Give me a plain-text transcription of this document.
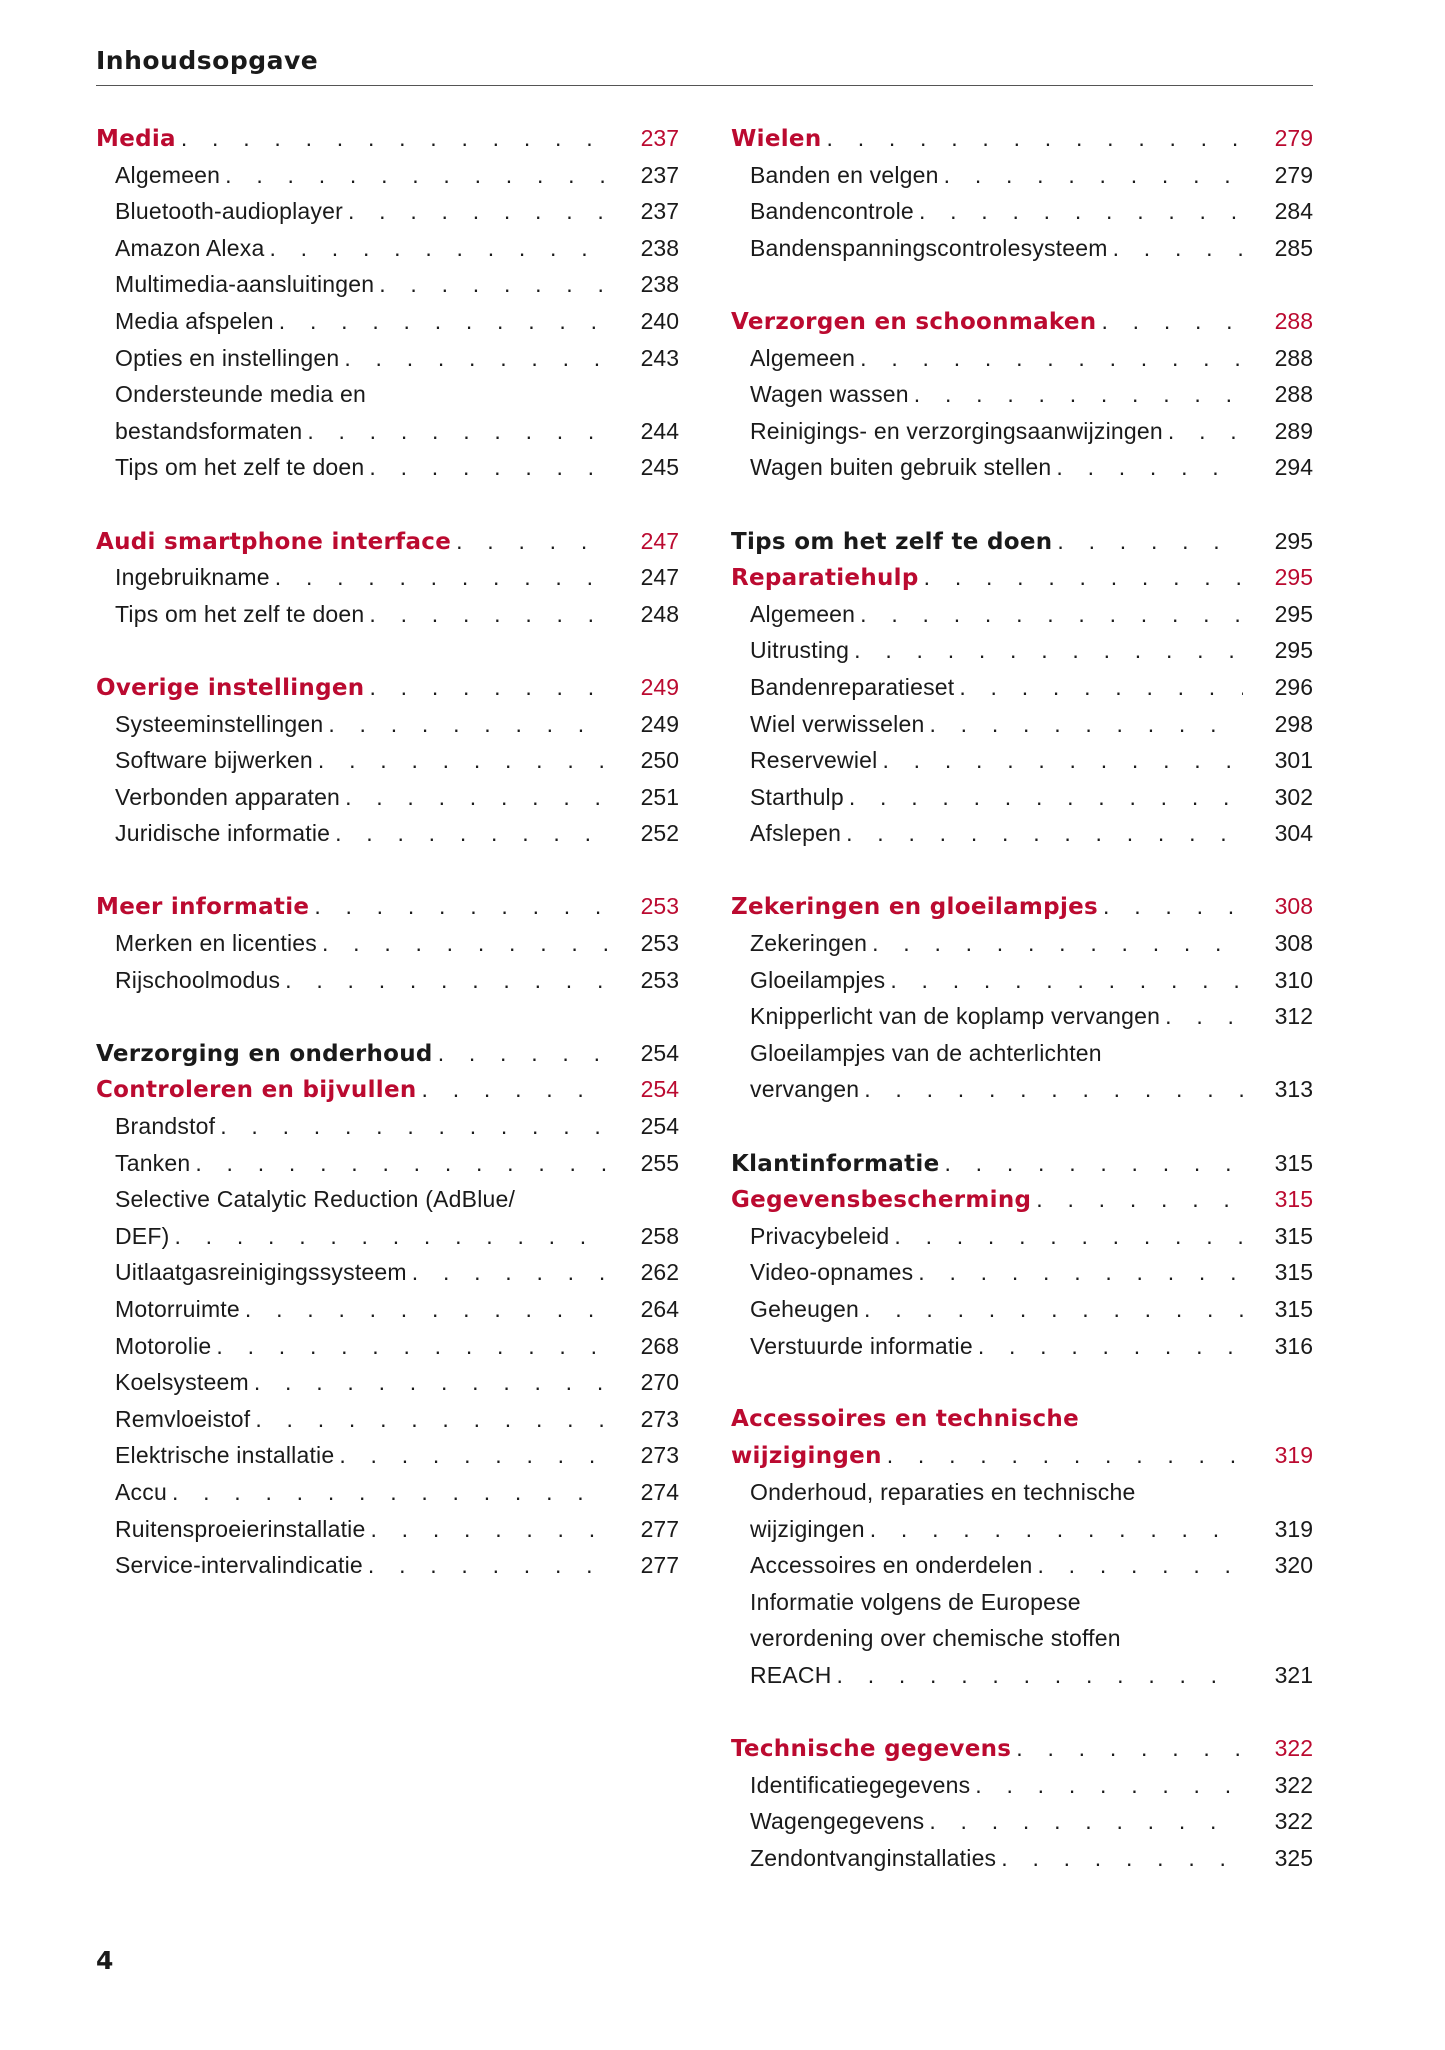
Inhoudsopgave
Media . . .	237
Algemeen . . .	237
Bluetooth-audioplayer . . .	237
Amazon Alexa . . .	238
Multimedia-aansluitingen . . .	238
Media afspelen . . .	240
Opties en instellingen . . .	243
Ondersteunde media en
bestandsformaten . . .	244
Tips om het zelf te doen . . .	245
Audi smartphone interface . . .	247
Ingebruikname . . .	247
Tips om het zelf te doen . . .	248
Overige instellingen . . .	249
Systeeminstellingen . . .	249
Software bijwerken . . .	250
Verbonden apparaten . . .	251
Juridische informatie . . .	252
Meer informatie . . .	253
Merken en licenties . . .	253
Rijschoolmodus . . .	253
Verzorging en onderhoud . . .	254
Controleren en bijvullen . . .	254
Brandstof . . .	254
Tanken . . .	255
Selective Catalytic Reduction (AdBlue/
DEF) . . .	258
Uitlaatgasreinigingssysteem . . .	262
Motorruimte . . .	264
Motorolie . . .	268
Koelsysteem . . .	270
Remvloeistof . . .	273
Elektrische installatie . . .	273
Accu . . .	274
Ruitensproeierinstallatie . . .	277
Service-intervalindicatie . . .	277
Wielen . . .	279
Banden en velgen . . .	279
Bandencontrole . . .	284
Bandenspanningscontrolesysteem . . .	285
Verzorgen en schoonmaken . . .	288
Algemeen . . .	288
Wagen wassen . . .	288
Reinigings- en verzorgingsaanwijzingen . . .	289
Wagen buiten gebruik stellen . . .	294
Tips om het zelf te doen . . .	295
Reparatiehulp . . .	295
Algemeen . . .	295
Uitrusting . . .	295
Bandenreparatieset . . .	296
Wiel verwisselen . . .	298
Reservewiel . . .	301
Starthulp . . .	302
Afslepen . . .	304
Zekeringen en gloeilampjes . . .	308
Zekeringen . . .	308
Gloeilampjes . . .	310
Knipperlicht van de koplamp vervangen . . .	312
Gloeilampjes van de achterlichten
vervangen . . .	313
Klantinformatie . . .	315
Gegevensbescherming . . .	315
Privacybeleid . . .	315
Video-opnames . . .	315
Geheugen . . .	315
Verstuurde informatie . . .	316
Accessoires en technische
wijzigingen . . .	319
Onderhoud, reparaties en technische
wijzigingen . . .	319
Accessoires en onderdelen . . .	320
Informatie volgens de Europese
verordening over chemische stoffen
REACH . . .	321
Technische gegevens . . .	322
Identificatiegegevens . . .	322
Wagengegevens . . .	322
Zendontvanginstallaties . . .	325
4
